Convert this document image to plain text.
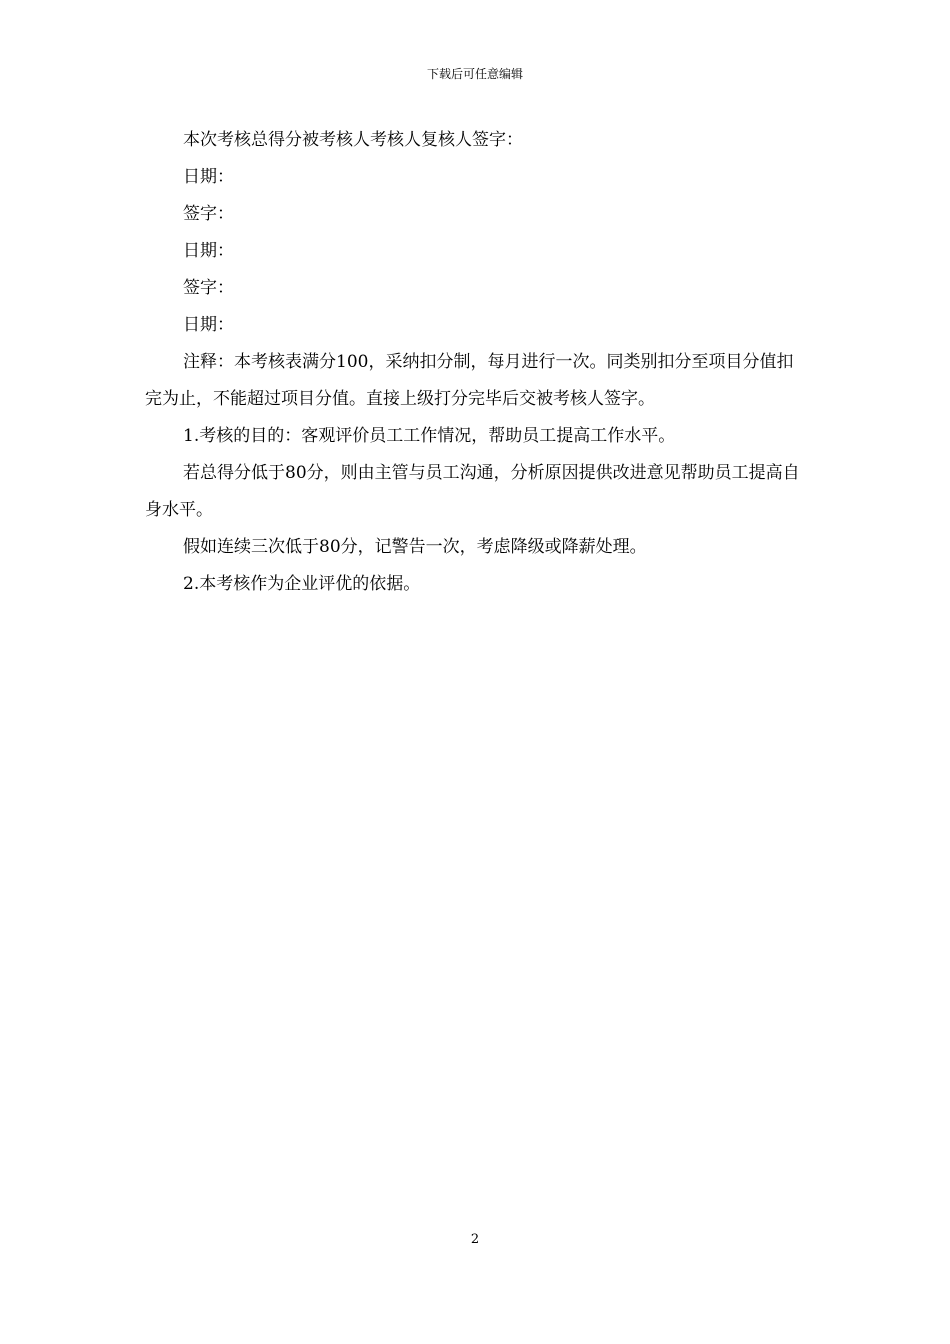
下载后可任意编辑

本次考核总得分被考核人考核人复核人签字：

日期：

签字：

日期：

签字：

日期：

注释：本考核表满分100，采纳扣分制，每月进行一次。同类别扣分至项目分值扣完为止，不能超过项目分值。直接上级打分完毕后交被考核人签字。

1.考核的目的：客观评价员工工作情况，帮助员工提高工作水平。

若总得分低于80分，则由主管与员工沟通，分析原因提供改进意见帮助员工提高自身水平。

假如连续三次低于80分，记警告一次，考虑降级或降薪处理。

2.本考核作为企业评优的依据。

2
